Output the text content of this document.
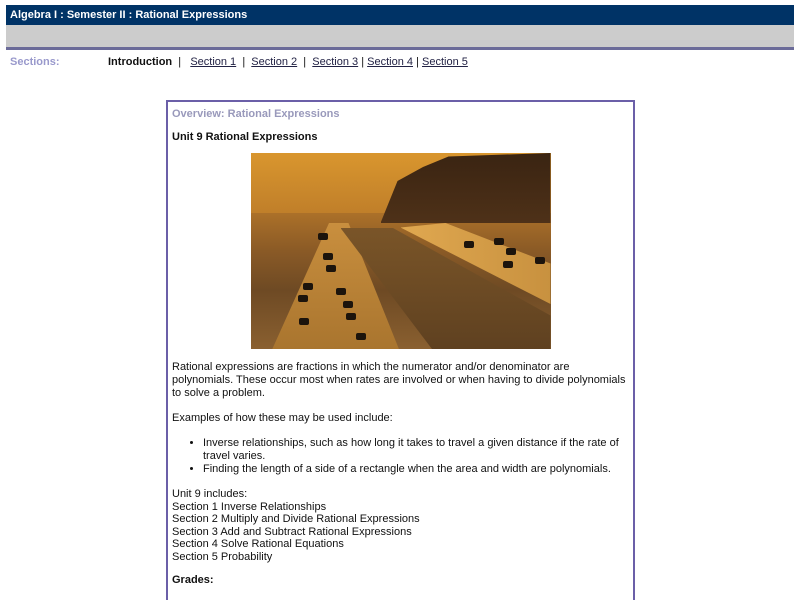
Algebra I : Semester II : Rational Expressions
Sections:	Introduction | Section 1 | Section 2 | Section 3 | Section 4 | Section 5
Overview: Rational Expressions
Unit 9 Rational Expressions

Rational expressions are fractions in which the numerator and/or denominator are polynomials. These occur most when rates are involved or when having to divide polynomials to solve a problem.

Examples of how these may be used include:

• Inverse relationships, such as how long it takes to travel a given distance if the rate of travel varies.
• Finding the length of a side of a rectangle when the area and width are polynomials.
Unit 9 includes:
Section 1 Inverse Relationships
Section 2 Multiply and Divide Rational Expressions
Section 3 Add and Subtract Rational Expressions
Section 4 Solve Rational Equations
Section 5 Probability
Grades:
